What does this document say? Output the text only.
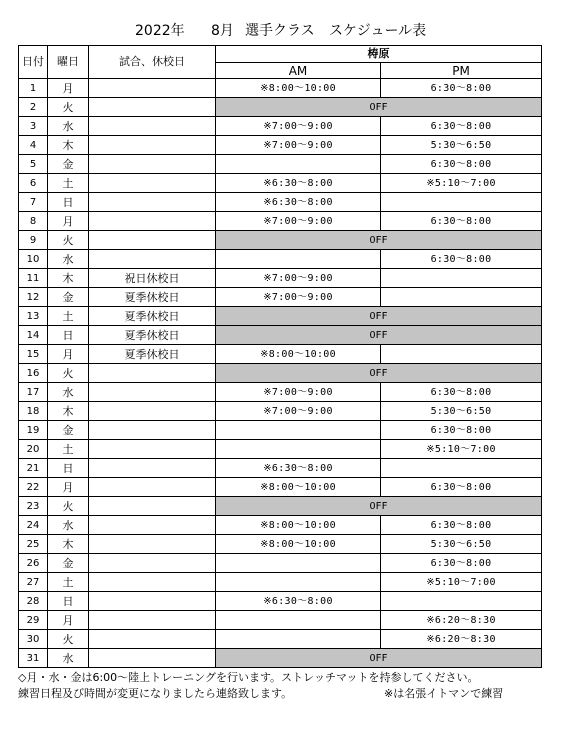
2022年 8月 選手クラス スケジュール表
日付	曜日	試合、休校日	梼原	
			AM	PM
1	月		※8:00～10:00	6:30～8:00
2	火		OFF	
3	水		※7:00～9:00	6:30～8:00
4	木		※7:00～9:00	5:30～6:50
5	金			6:30～8:00
6	土		※6:30～8:00	※5:10～7:00
7	日		※6:30～8:00	
8	月		※7:00～9:00	6:30～8:00
9	火		OFF	
10	水			6:30～8:00
11	木	祝日休校日	※7:00～9:00	
12	金	夏季休校日	※7:00～9:00	
13	土	夏季休校日	OFF	
14	日	夏季休校日	OFF	
15	月	夏季休校日	※8:00～10:00	
16	火		OFF	
17	水		※7:00～9:00	6:30～8:00
18	木		※7:00～9:00	5:30～6:50
19	金			6:30～8:00
20	土			※5:10～7:00
21	日		※6:30～8:00	
22	月		※8:00～10:00	6:30～8:00
23	火		OFF	
24	水		※8:00～10:00	6:30～8:00
25	木		※8:00～10:00	5:30～6:50
26	金			6:30～8:00
27	土			※5:10～7:00
28	日		※6:30～8:00	
29	月			※6:20～8:30
30	火			※6:20～8:30
31	水		OFF	

◇月・水・金は6:00～陸上トレーニングを行います。ストレッチマットを持参してください。

練習日程及び時間が変更になりましたら連絡致します。	※は名張イトマンで練習
